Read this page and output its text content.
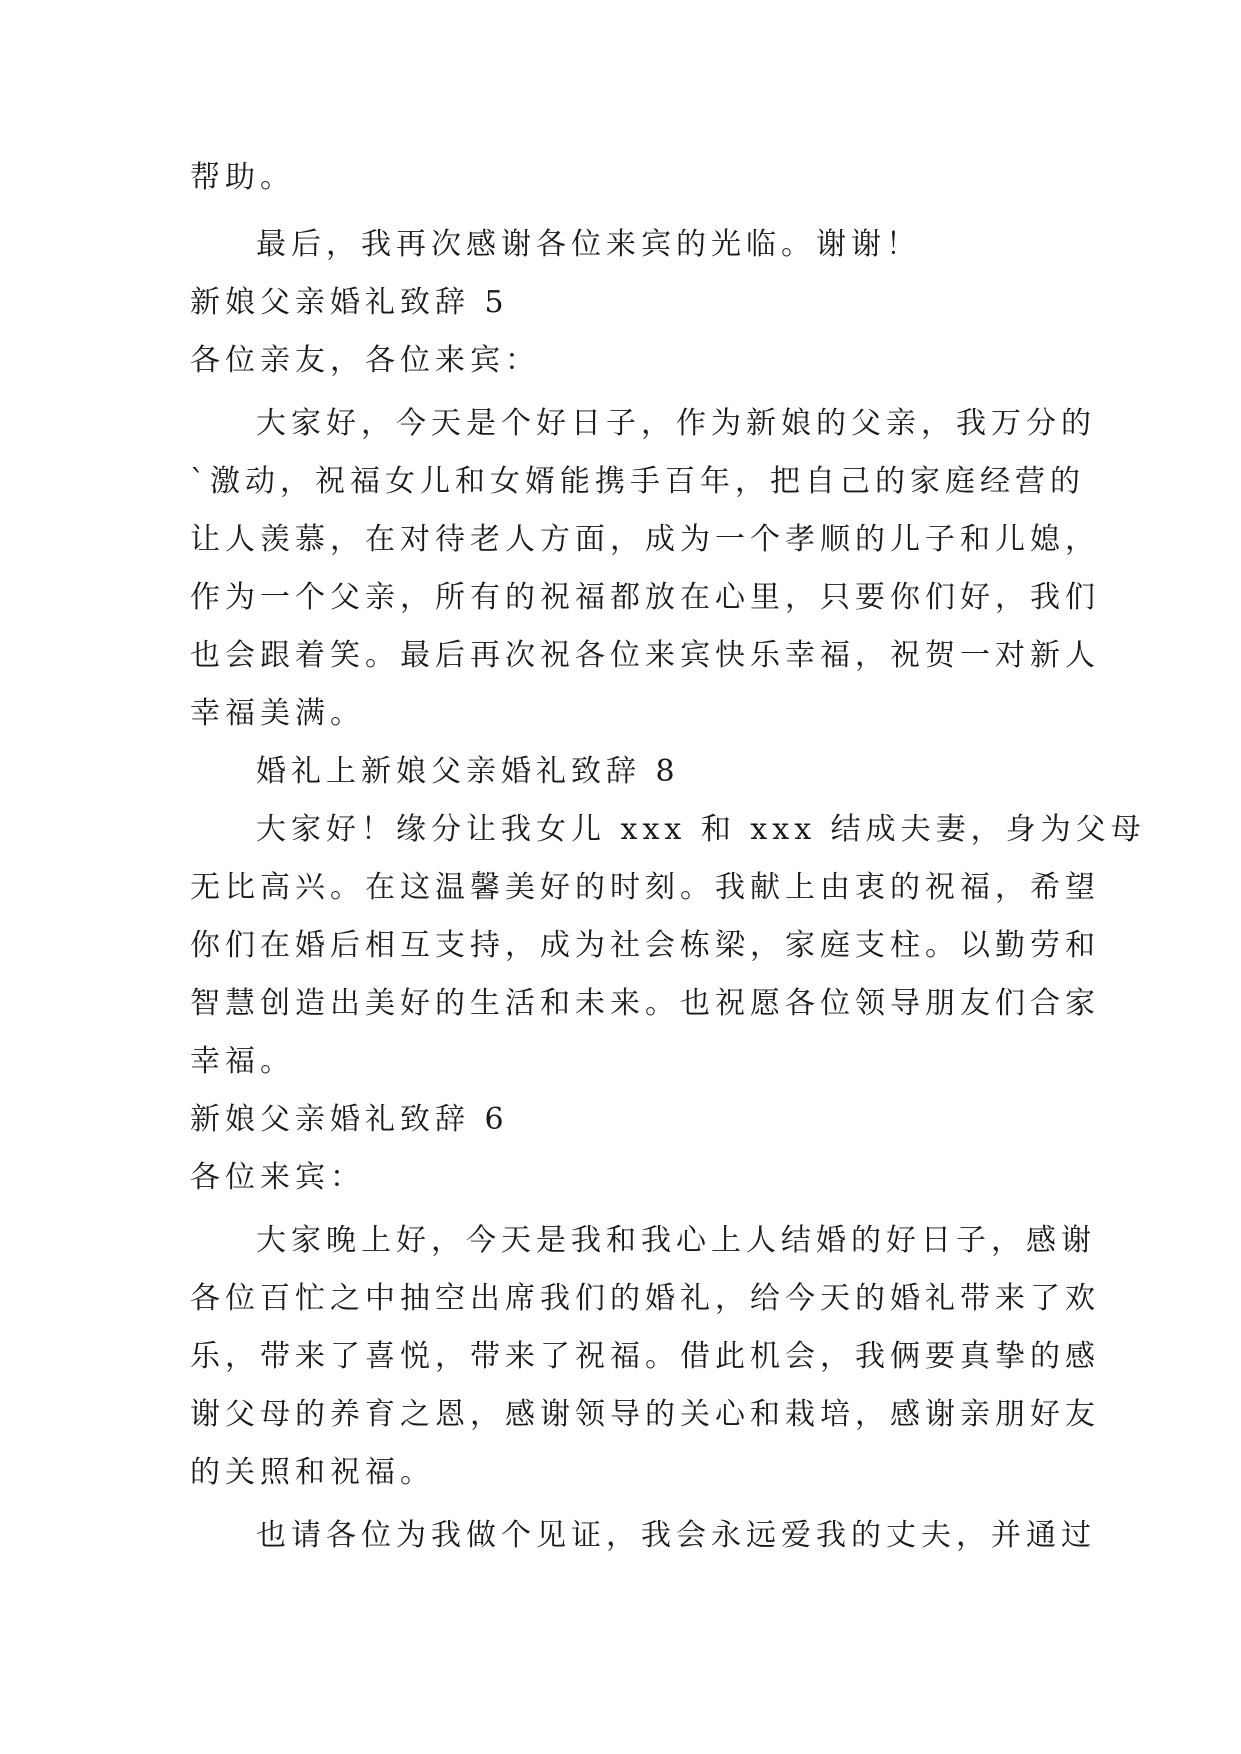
帮助。
最后，我再次感谢各位来宾的光临。谢谢！
新娘父亲婚礼致辞 5
各位亲友，各位来宾：
大家好，今天是个好日子，作为新娘的父亲，我万分的
`激动，祝福女儿和女婿能携手百年，把自己的家庭经营的
让人羡慕，在对待老人方面，成为一个孝顺的儿子和儿媳，
作为一个父亲，所有的祝福都放在心里，只要你们好，我们
也会跟着笑。最后再次祝各位来宾快乐幸福，祝贺一对新人
幸福美满。
婚礼上新娘父亲婚礼致辞 8
大家好！缘分让我女儿 xxx 和 xxx 结成夫妻，身为父母
无比高兴。在这温馨美好的时刻。我献上由衷的祝福，希望
你们在婚后相互支持，成为社会栋梁，家庭支柱。以勤劳和
智慧创造出美好的生活和未来。也祝愿各位领导朋友们合家
幸福。
新娘父亲婚礼致辞 6
各位来宾：
大家晚上好，今天是我和我心上人结婚的好日子，感谢
各位百忙之中抽空出席我们的婚礼，给今天的婚礼带来了欢
乐，带来了喜悦，带来了祝福。借此机会，我俩要真挚的感
谢父母的养育之恩，感谢领导的关心和栽培，感谢亲朋好友
的关照和祝福。
也请各位为我做个见证，我会永远爱我的丈夫，并通过
